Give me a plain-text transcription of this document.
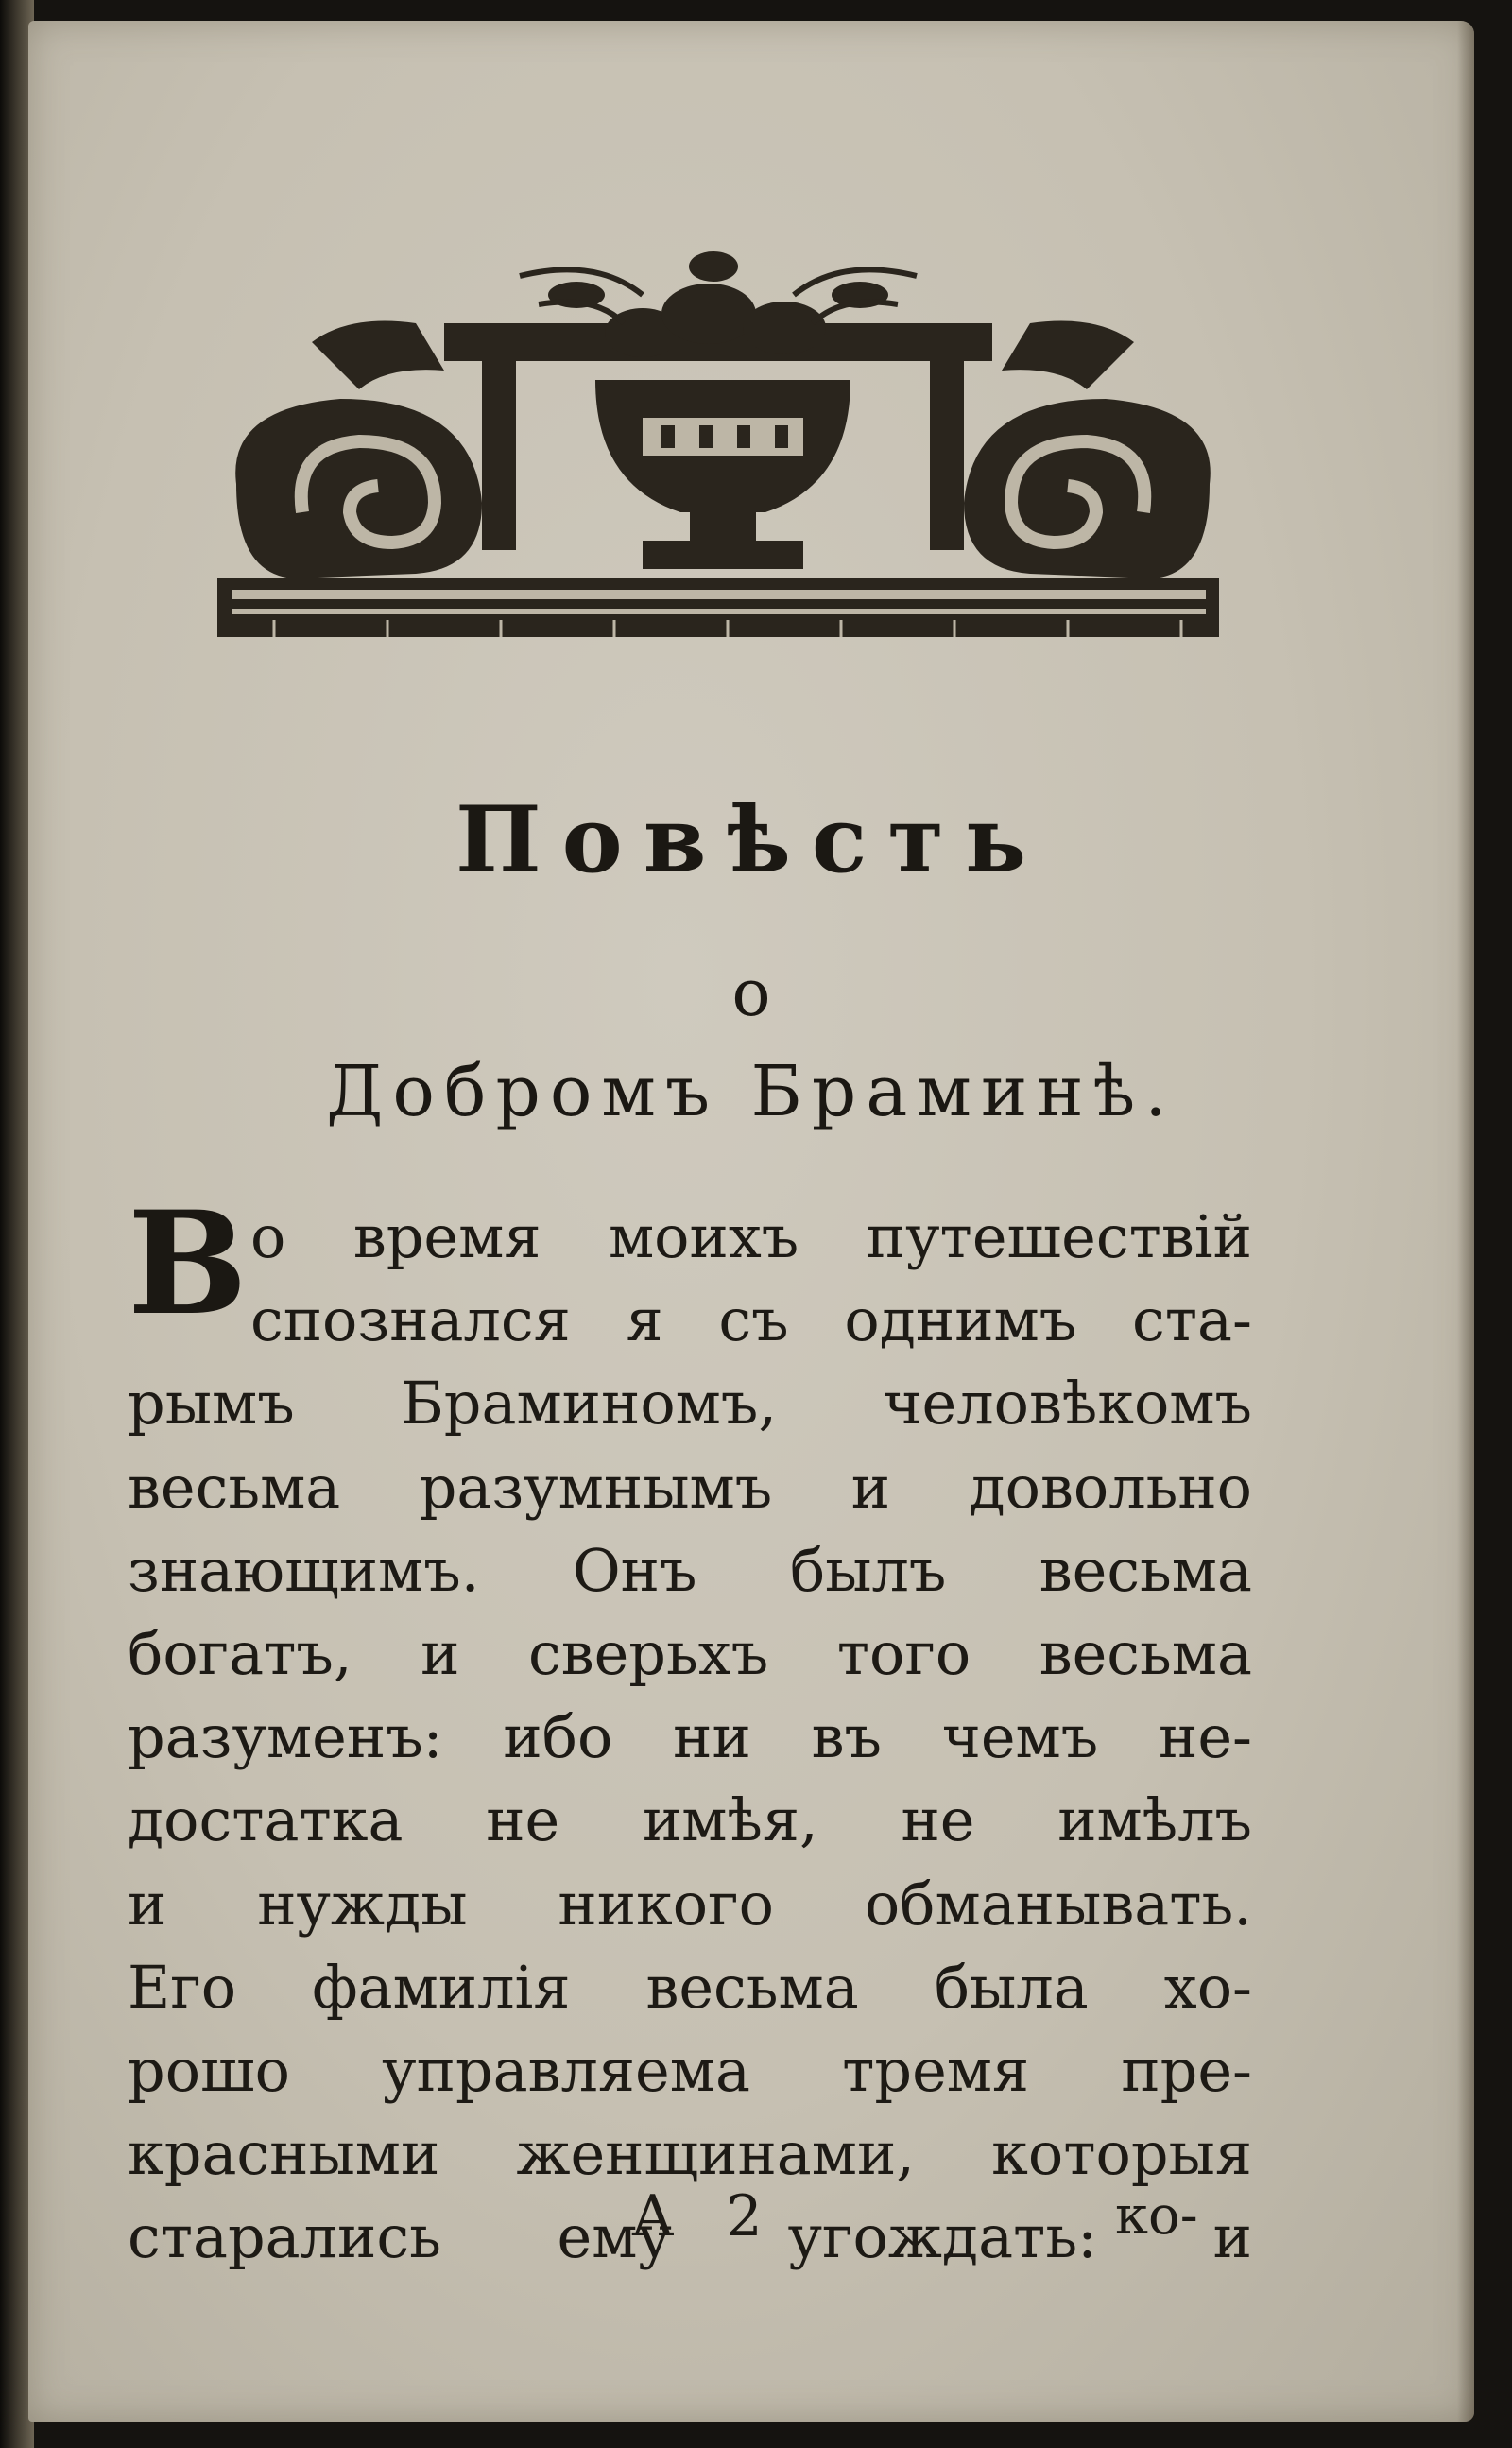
Повѣсть
о
Добромъ Браминѣ.
В о время моихъ путешествій
спознался я съ однимъ ста-
рымъ Браминомъ, человѣкомъ
весьма разумнымъ и довольно
знающимъ. Онъ былъ весьма
богатъ, и сверьхъ того весьма
разуменъ: ибо ни въ чемъ не-
достатка не имѣя, не имѣлъ
и нужды никого обманывать.
Его фамилія весьма была хо-
рошо управляема тремя пре-
красными женщинами, которыя
старались ему угождать: и
А 2	ко-
